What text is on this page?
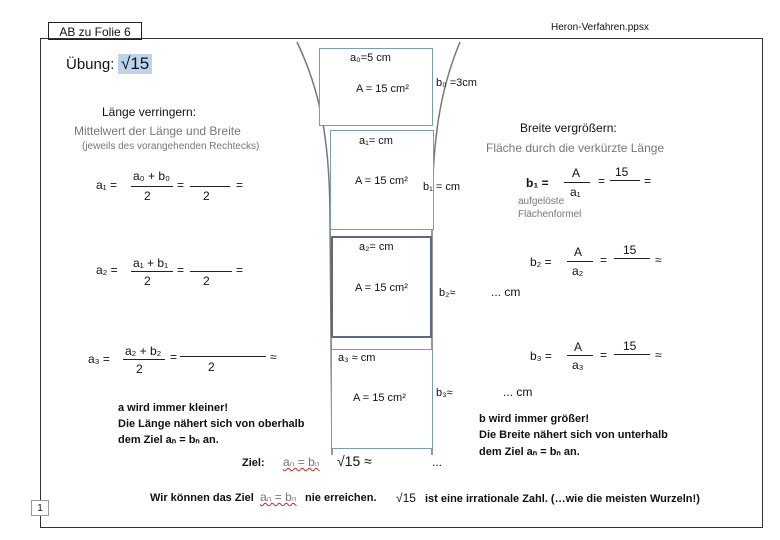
AB zu Folie 6	Heron-Verfahren.ppsx
1
Übung: √15
Länge verringern:
Mittelwert der Länge und Breite
(jeweils des vorangehenden Rechtecks)
Breite vergrößern:
Fläche durch die verkürzte Länge
a₁ =
a₀ + b₀
2
=
2
=
a₂ = a₁ + b₁
2
=
2
=
a₃ =
a₂ + b₂
2
=
2
≈
b₁ =
A
a₁
=
15
=
aufgelöste
Flächenformel
b₂ =
A
a₂
=
15
≈
b₃ =
A
a₃
=
15
≈
a₀=5 cm
A = 15 cm² b₀ =3cm
a₁= cm
A = 15 cm² b₁ = cm
a₂= cm
A = 15 cm²	b₂≈	... cm
a₃ ≈ cm
A = 15 cm²	b₃≈	... cm
a wird immer kleiner!
Die Länge nähert sich von oberhalb
dem Ziel aₙ = bₙ an.
b wird immer größer!
Die Breite nähert sich von unterhalb
dem Ziel aₙ = bₙ an.
Ziel: aₙ = bₙ √15 ≈	...
Wir können das Ziel aₙ = bₙ nie erreichen. √15 ist eine irrationale Zahl. (…wie die meisten Wurzeln!)
